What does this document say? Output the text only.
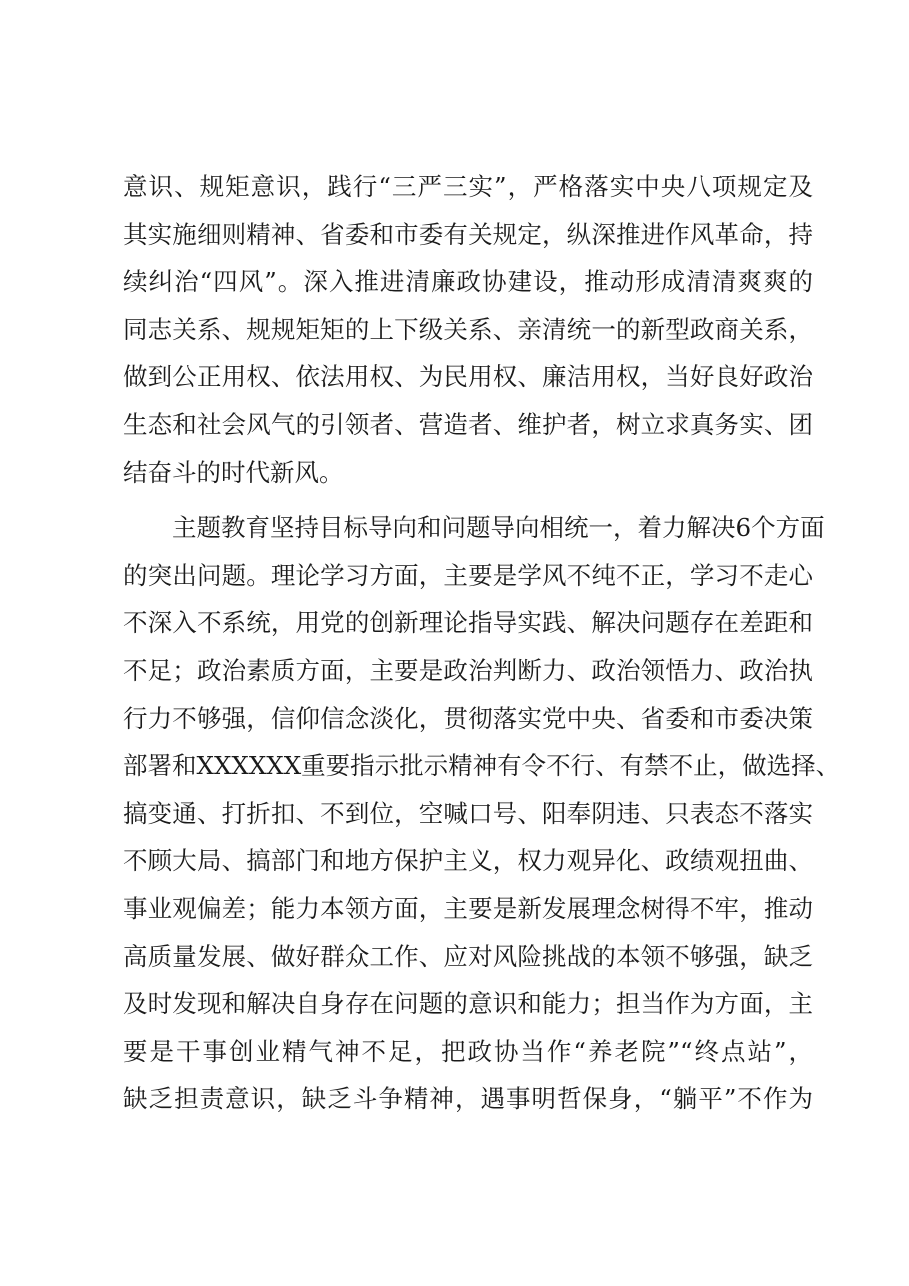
意识、规矩意识，践行“三严三实”，严格落实中央八项规定及
其实施细则精神、省委和市委有关规定，纵深推进作风革命，持
续纠治“四风”。深入推进清廉政协建设，推动形成清清爽爽的
同志关系、规规矩矩的上下级关系、亲清统一的新型政商关系，
做到公正用权、依法用权、为民用权、廉洁用权，当好良好政治
生态和社会风气的引领者、营造者、维护者，树立求真务实、团
结奋斗的时代新风。
主题教育坚持目标导向和问题导向相统一，着力解决6个方面
的突出问题。理论学习方面，主要是学风不纯不正，学习不走心
不深入不系统，用党的创新理论指导实践、解决问题存在差距和
不足；政治素质方面，主要是政治判断力、政治领悟力、政治执
行力不够强，信仰信念淡化，贯彻落实党中央、省委和市委决策
部署和XXXXXX重要指示批示精神有令不行、有禁不止，做选择、
搞变通、打折扣、不到位，空喊口号、阳奉阴违、只表态不落实
不顾大局、搞部门和地方保护主义，权力观异化、政绩观扭曲、
事业观偏差；能力本领方面，主要是新发展理念树得不牢，推动
高质量发展、做好群众工作、应对风险挑战的本领不够强，缺乏
及时发现和解决自身存在问题的意识和能力；担当作为方面，主
要是干事创业精气神不足，把政协当作“养老院”“终点站”，
缺乏担责意识，缺乏斗争精神，遇事明哲保身，“躺平”不作为
